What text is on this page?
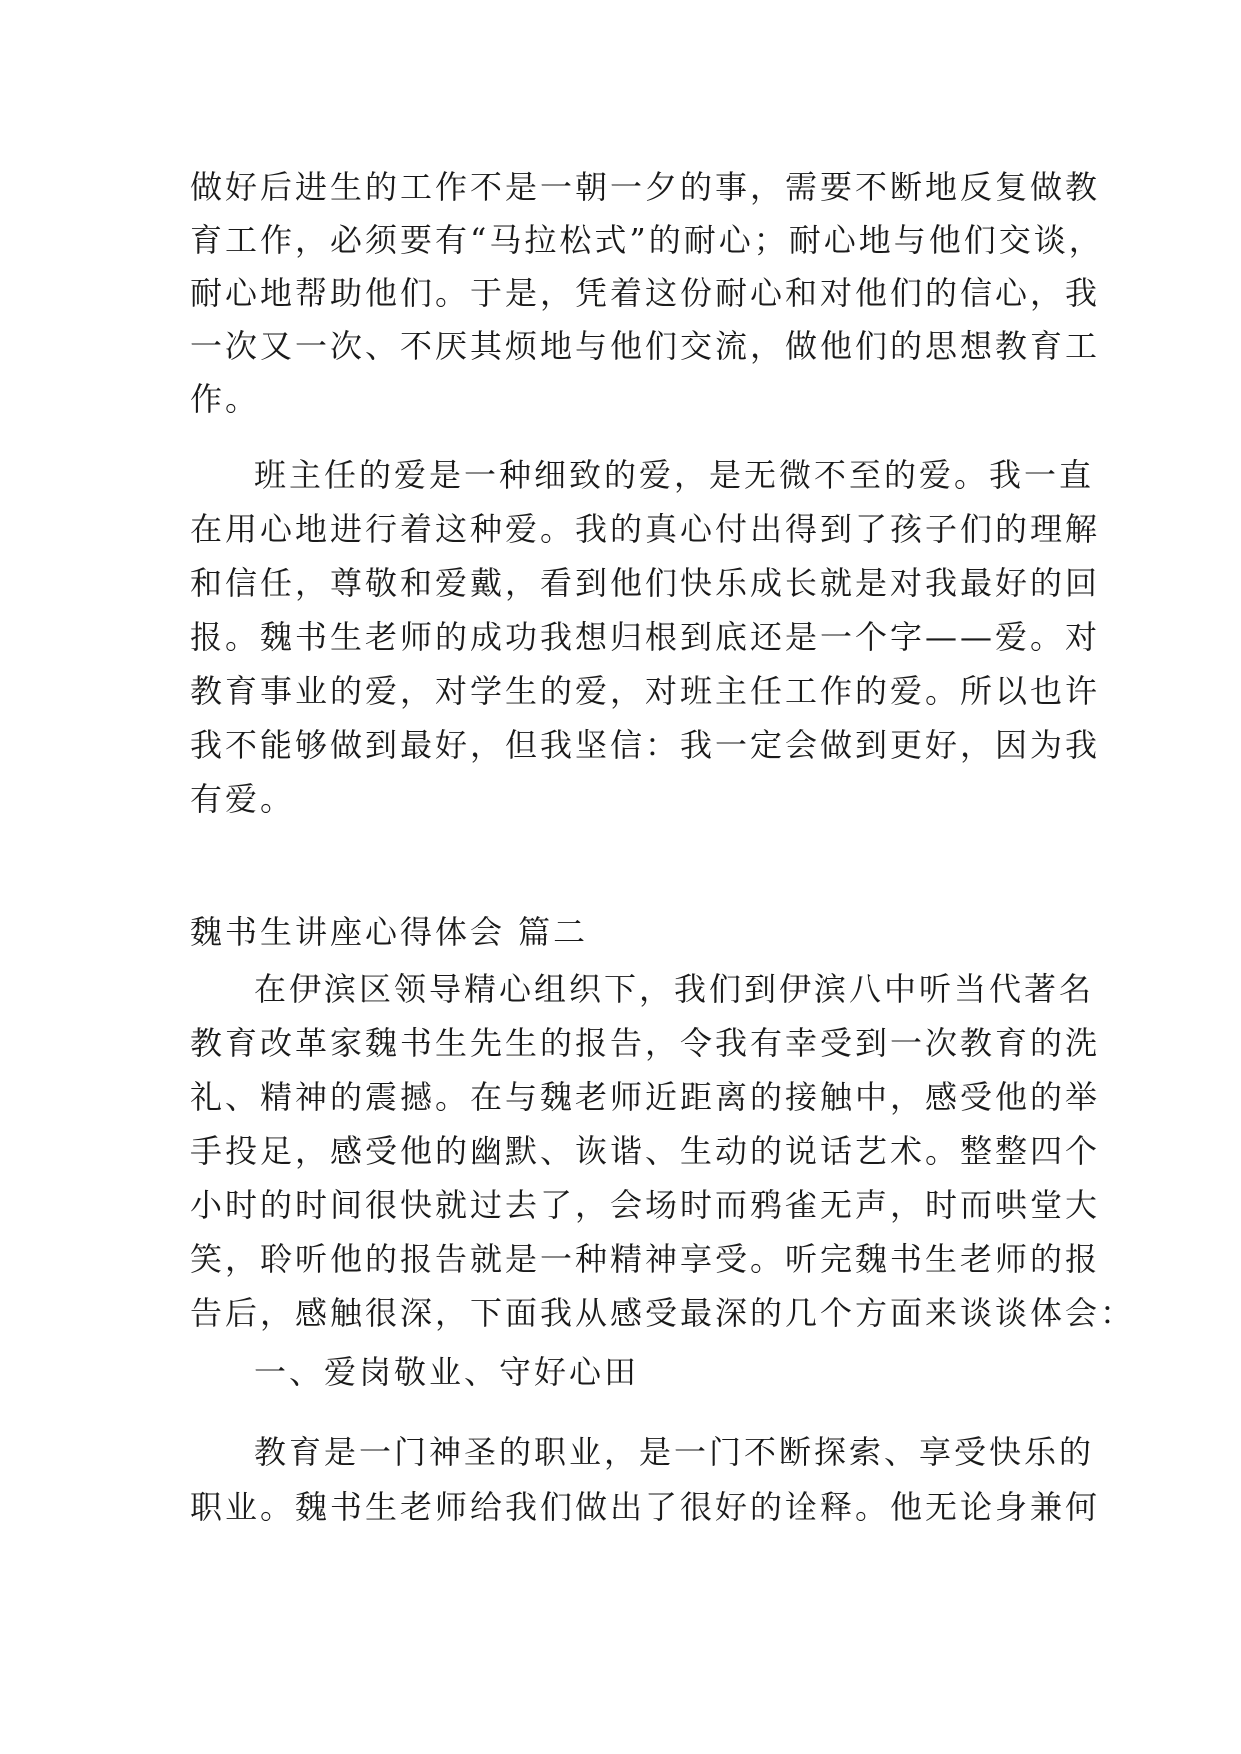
做好后进生的工作不是一朝一夕的事，需要不断地反复做教
育工作，必须要有“马拉松式”的耐心；耐心地与他们交谈，
耐心地帮助他们。于是，凭着这份耐心和对他们的信心，我
一次又一次、不厌其烦地与他们交流，做他们的思想教育工
作。
班主任的爱是一种细致的爱，是无微不至的爱。我一直
在用心地进行着这种爱。我的真心付出得到了孩子们的理解
和信任，尊敬和爱戴，看到他们快乐成长就是对我最好的回
报。魏书生老师的成功我想归根到底还是一个字——爱。对
教育事业的爱，对学生的爱，对班主任工作的爱。所以也许
我不能够做到最好，但我坚信：我一定会做到更好，因为我
有爱。
魏书生讲座心得体会 篇二
在伊滨区领导精心组织下，我们到伊滨八中听当代著名
教育改革家魏书生先生的报告，令我有幸受到一次教育的洗
礼、精神的震撼。在与魏老师近距离的接触中，感受他的举
手投足，感受他的幽默、诙谐、生动的说话艺术。整整四个
小时的时间很快就过去了，会场时而鸦雀无声，时而哄堂大
笑，聆听他的报告就是一种精神享受。听完魏书生老师的报
告后，感触很深，下面我从感受最深的几个方面来谈谈体会：
一、爱岗敬业、守好心田
教育是一门神圣的职业，是一门不断探索、享受快乐的
职业。魏书生老师给我们做出了很好的诠释。他无论身兼何
